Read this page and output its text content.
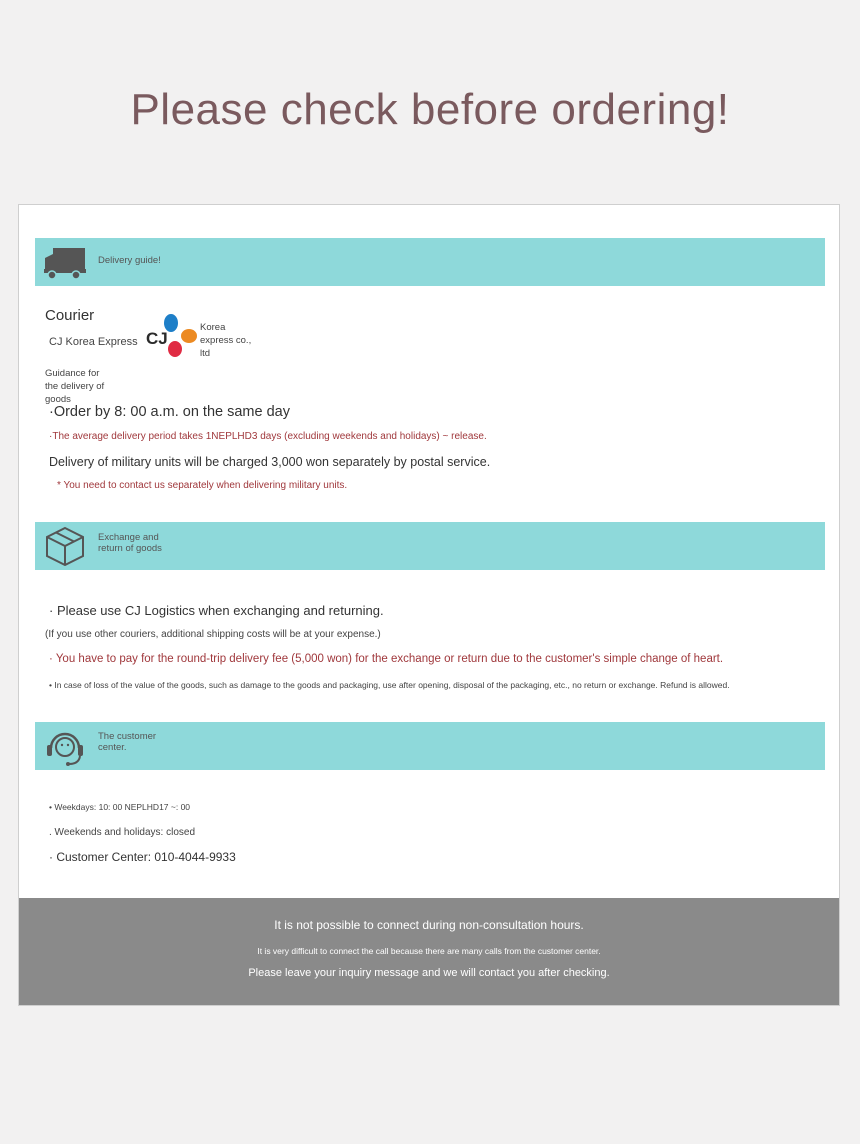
Please check before ordering!
Delivery guide!
Courier
CJ Korea Express CJ
Korea
express co.,
ltd
Guidance for
the delivery of
goods
·Order by 8: 00 a.m. on the same day
·The average delivery period takes 1NEPLHD3 days (excluding weekends and holidays) ~ release.
Delivery of military units will be charged 3,000 won separately by postal service.
* You need to contact us separately when delivering military units.
Exchange and
return of goods
· Please use CJ Logistics when exchanging and returning.
(If you use other couriers, additional shipping costs will be at your expense.)
· You have to pay for the round-trip delivery fee (5,000 won) for the exchange or return due to the customer's simple change of heart.
• In case of loss of the value of the goods, such as damage to the goods and packaging, use after opening, disposal of the packaging, etc., no return or exchange. Refund is allowed.
The customer
center.
• Weekdays: 10: 00 NEPLHD17 ~: 00
. Weekends and holidays: closed
· Customer Center: 010-4044-9933
It is not possible to connect during non-consultation hours.
It is very difficult to connect the call because there are many calls from the customer center.
Please leave your inquiry message and we will contact you after checking.
